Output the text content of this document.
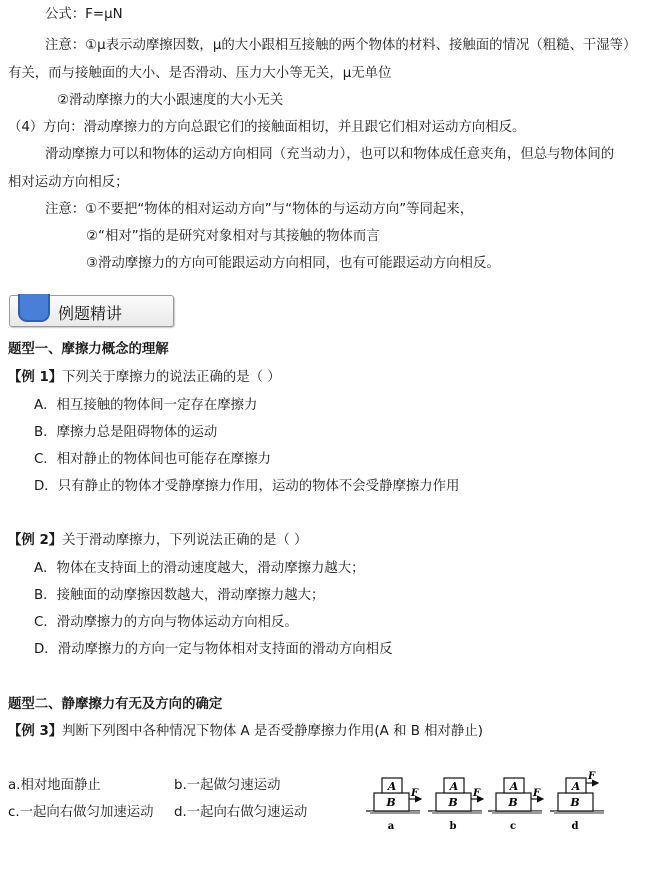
公式：F=μN
注意：①μ表示动摩擦因数，μ的大小跟相互接触的两个物体的材料、接触面的情况（粗糙、干湿等）
有关，而与接触面的大小、是否滑动、压力大小等无关，μ无单位
②滑动摩擦力的大小跟速度的大小无关
（4）方向：滑动摩擦力的方向总跟它们的接触面相切，并且跟它们相对运动方向相反。
滑动摩擦力可以和物体的运动方向相同（充当动力），也可以和物体成任意夹角，但总与物体间的
相对运动方向相反；
注意：①不要把“物体的相对运动方向”与“物体的与运动方向”等同起来，
②“相对”指的是研究对象相对与其接触的物体而言
③滑动摩擦力的方向可能跟运动方向相同，也有可能跟运动方向相反。
例题精讲
题型一、摩擦力概念的理解
【例 1】下列关于摩擦力的说法正确的是（ ）
A．相互接触的物体间一定存在摩擦力
B．摩擦力总是阻碍物体的运动
C．相对静止的物体间也可能存在摩擦力
D．只有静止的物体才受静摩擦力作用，运动的物体不会受静摩擦力作用
【例 2】关于滑动摩擦力，下列说法正确的是（ ）
A．物体在支持面上的滑动速度越大，滑动摩擦力越大；
B．接触面的动摩擦因数越大，滑动摩擦力越大；
C．滑动摩擦力的方向与物体运动方向相反。
D．滑动摩擦力的方向一定与物体相对支持面的滑动方向相反
题型二、静摩擦力有无及方向的确定
【例 3】判断下列图中各种情况下物体 A 是否受静摩擦力作用(A 和 B 相对静止)
a.相对地面静止	b.一起做匀速运动
c.一起向右做匀加速运动 d.一起向右做匀速运动
A
B
F
a
A
B
F
b
A
B
F
c
A
B
F
d
